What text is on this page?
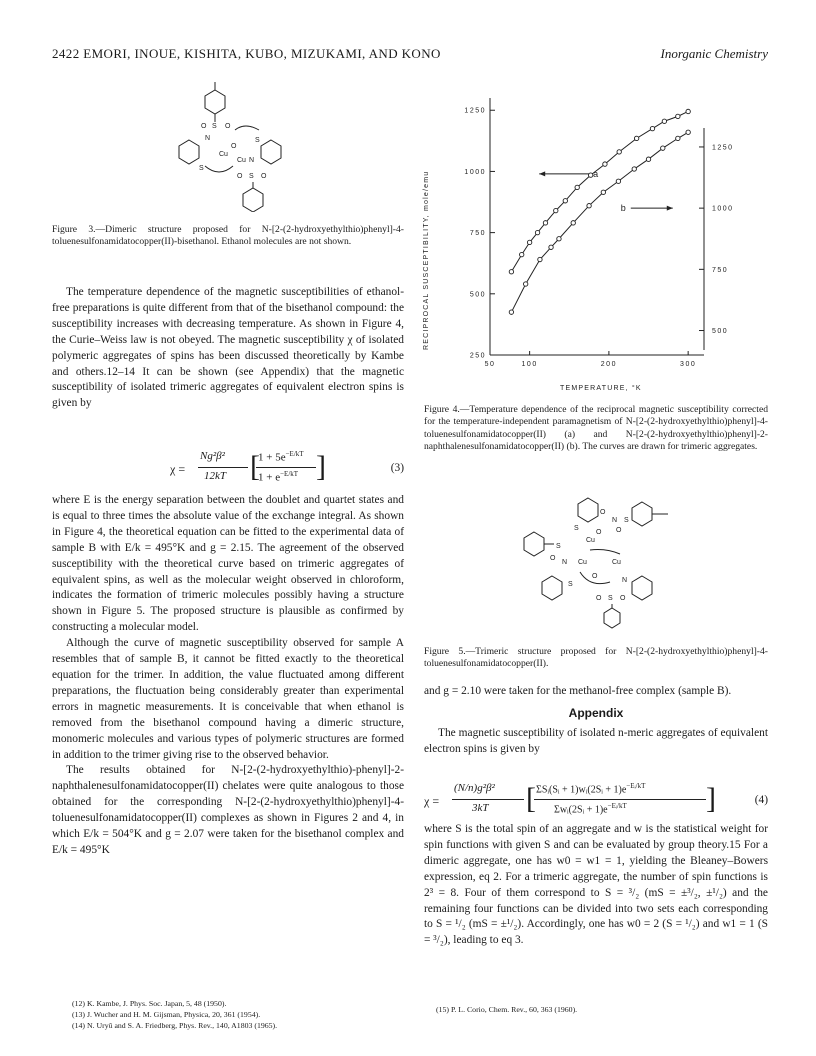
2422 EMORI, INOUE, KISHITA, KUBO, MIZUKAMI, AND KONO	Inorganic Chemistry
O S O
N
S
Cu
O
Cu N
S
O S O
Figure 3.—Dimeric structure proposed for N-[2-(2-hydroxyethylthio)phenyl]-4-toluenesulfonamidatocopper(II)-bisethanol. Ethanol molecules are not shown.

The temperature dependence of the magnetic susceptibilities of ethanol-free preparations is quite different from that of the bisethanol compound: the susceptibility increases with decreasing temperature. As shown in Figure 4, the Curie–Weiss law is not obeyed. The magnetic susceptibility χ of isolated polymeric aggregates of spins has been discussed theoretically by Kambe and others.12–14 It can be shown (see Appendix) that the magnetic susceptibility of isolated trimeric aggregates of equivalent electron spins is given by

χ =
Ng²β²
12kT [
$1 + 5e^{-E/kT}$
$1 + e^{-E/kT}$ ]	(3)

where E is the energy separation between the doublet and quartet states and is equal to three times the absolute value of the exchange integral. As shown in Figure 4, the theoretical equation can be fitted to the experimental data of sample B with E/k = 495°K and g = 2.15. The agreement of the observed susceptibility with the theoretical curve based on trimeric aggregates of equivalent spins, as well as the molecular weight observed in chloroform, indicates the formation of trimeric molecules possibly having a structure shown in Figure 5. The proposed structure is plausible as confirmed by constructing a molecular model.

Although the curve of magnetic susceptibility observed for sample A resembles that of sample B, it cannot be fitted exactly to the theoretical equation for the trimer. In addition, the value fluctuated among different preparations, the fluctuation being considerably greater than experimental errors in magnetic measurements. It is conceivable that when ethanol is removed from the bisethanol compound having a dimeric structure, monomeric molecules and various types of polymeric structures are formed in addition to the trimer giving rise to the observed behavior.

The results obtained for N-[2-(2-hydroxyethylthio)-phenyl]-2-naphthalenesulfonamidatocopper(II) chelates were quite analogous to those obtained for the corresponding N-[2-(2-hydroxyethylthio)phenyl]-4-toluenesulfonamidatocopper(II) complexes as shown in Figures 2 and 4, in which E/k = 504°K and g = 2.07 were taken for the bisethanol complex and E/k = 495°K

(12) K. Kambe, J. Phys. Soc. Japan, 5, 48 (1950).
(13) J. Wucher and H. M. Gijsman, Physica, 20, 361 (1954).
(14) N. Uryû and S. A. Friedberg, Phys. Rev., 140, A1803 (1965).
RECIPROCAL SUSCEPTIBILITY, mole/emu
TEMPERATURE, °K
50	100	200	300
250
500
750
1000
1250
500
750
1000
1250
a
b
Figure 4.—Temperature dependence of the reciprocal magnetic susceptibility corrected for the temperature-independent paramagnetism of N-[2-(2-hydroxyethylthio)phenyl]-4-toluenesulfonamidatocopper(II) (a) and N-[2-(2-hydroxyethylthio)phenyl]-2-naphthalenesulfonamidatocopper(II) (b). The curves are drawn for trimeric aggregates.
O
N S
O
S
S
Cu
O
O
N Cu	Cu
O
S
N
O S O
Figure 5.—Trimeric structure proposed for N-[2-(2-hydroxyethylthio)phenyl]-4-toluenesulfonamidatocopper(II).

and g = 2.10 were taken for the methanol-free complex (sample B).

Appendix

The magnetic susceptibility of isolated n-meric aggregates of equivalent electron spins is given by

χ =
(N/n)g²β²
3kT [ ΣSᵢ(Sᵢ + 1)wᵢ(2Sᵢ + $1)e^{-Eᵢ/kT}$
Σwᵢ(2Sᵢ + $1)e^{-Eᵢ/kT}$	]	(4)

where S is the total spin of an aggregate and w is the statistical weight for spin functions with given S and can be evaluated by group theory.15 For a dimeric aggregate, one has w0 = w1 = 1, yielding the Bleaney–Bowers expression, eq 2. For a trimeric aggregate, the number of spin functions is 2³ = 8. Four of them correspond to S = ³/₂ (mS = ±³/₂, ±¹/₂) and the remaining four functions can be divided into two sets each corresponding to S = ¹/₂ (mS = ±¹/₂). Accordingly, one has w0 = 2 (S = ¹/₂) and w1 = 1 (S = ³/₂), leading to eq 3.

(15) P. L. Corio, Chem. Rev., 60, 363 (1960).
